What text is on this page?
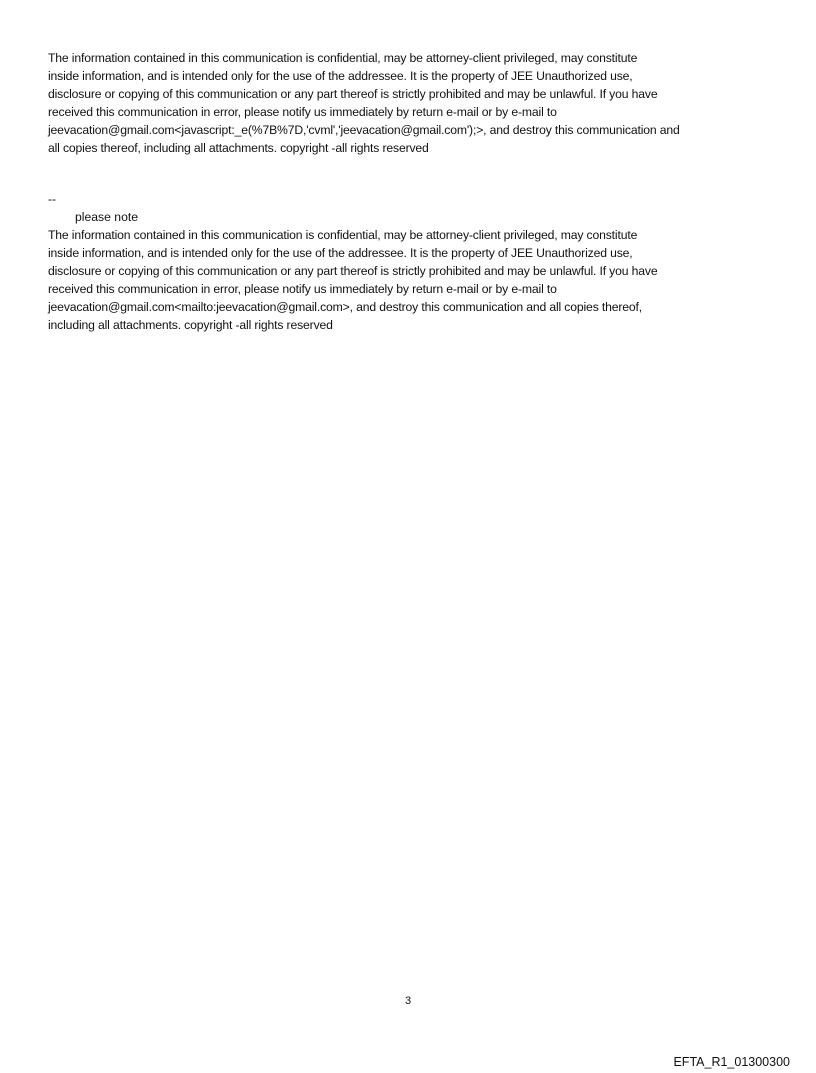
The information contained in this communication is confidential, may be attorney-client privileged, may constitute
inside information, and is intended only for the use of the addressee. It is the property of JEE Unauthorized use,
disclosure or copying of this communication or any part thereof is strictly prohibited and may be unlawful. If you have
received this communication in error, please notify us immediately by return e-mail or by e-mail to
jeevacation@gmail.com<javascript:_e(%7B%7D,'cvml','jeevacation@gmail.com');>, and destroy this communication and
all copies thereof, including all attachments. copyright -all rights reserved
--
please note
The information contained in this communication is confidential, may be attorney-client privileged, may constitute
inside information, and is intended only for the use of the addressee. It is the property of JEE Unauthorized use,
disclosure or copying of this communication or any part thereof is strictly prohibited and may be unlawful. If you have
received this communication in error, please notify us immediately by return e-mail or by e-mail to
jeevacation@gmail.com<mailto:jeevacation@gmail.com>, and destroy this communication and all copies thereof,
including all attachments. copyright -all rights reserved
3
EFTA_R1_01300300
